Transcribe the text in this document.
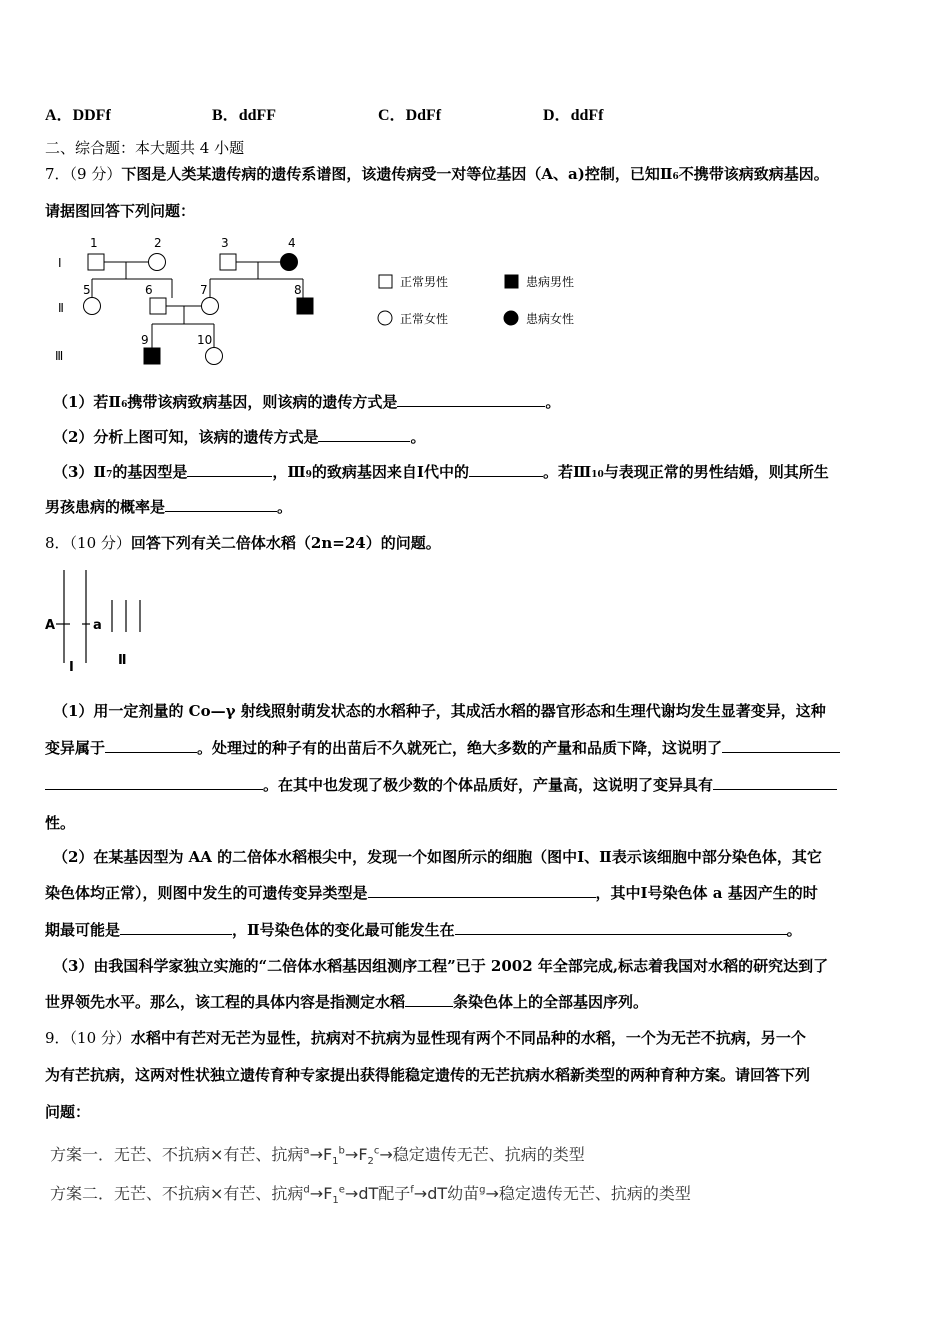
A．DDFf	B．ddFF	C．DdFf	D．ddFf
二、综合题：本大题共 4 小题
7．（9 分）下图是人类某遗传病的遗传系谱图，该遗传病受一对等位基因（A、a)控制，已知Ⅱ6不携带该病致病基因。
请据图回答下列问题：
Ⅰ
Ⅱ
Ⅲ
1	2	3	4
5	6	7	8
9	10
正常男性	患病男性
正常女性	患病女性
（1）若Ⅱ6携带该病致病基因，则该病的遗传方式是	。
（2）分析上图可知，该病的遗传方式是	。
（3）Ⅱ7的基因型是	，Ⅲ9的致病基因来自Ⅰ代中的	。若Ⅲ10与表现正常的男性结婚，则其所生
男孩患病的概率是	。
8．（10 分）回答下列有关二倍体水稻（2n=24）的问题。
A	a
Ⅰ	Ⅱ
（1）用一定剂量的 Co—γ 射线照射萌发状态的水稻种子，其成活水稻的器官形态和生理代谢均发生显著变异，这种
变异属于	。处理过的种子有的出苗后不久就死亡，绝大多数的产量和品质下降，这说明了
。在其中也发现了极少数的个体品质好，产量高，这说明了变异具有
性。
（2）在某基因型为 AA 的二倍体水稻根尖中，发现一个如图所示的细胞（图中Ⅰ、Ⅱ表示该细胞中部分染色体，其它
染色体均正常），则图中发生的可遗传变异类型是	，其中Ⅰ号染色体 a 基因产生的时
期最可能是	，Ⅱ号染色体的变化最可能发生在	。
（3）由我国科学家独立实施的“二倍体水稻基因组测序工程”已于 2002 年全部完成,标志着我国对水稻的研究达到了
世界领先水平。那么，该工程的具体内容是指测定水稻	条染色体上的全部基因序列。
9．（10 分）水稻中有芒对无芒为显性，抗病对不抗病为显性现有两个不同品种的水稻，一个为无芒不抗病，另一个
为有芒抗病，这两对性状独立遗传育种专家提出获得能稳定遗传的无芒抗病水稻新类型的两种育种方案。请回答下列
问题：
方案一．无芒、不抗病×有芒、抗病$^a\to F_1^b\to F_2^c\to$稳定遗传无芒、抗病的类型
方案二．无芒、不抗病×有芒、抗病$^d\to F_1^e\to dT$配子$^f$→dT幼苗$^g$→稳定遗传无芒、抗病的类型
